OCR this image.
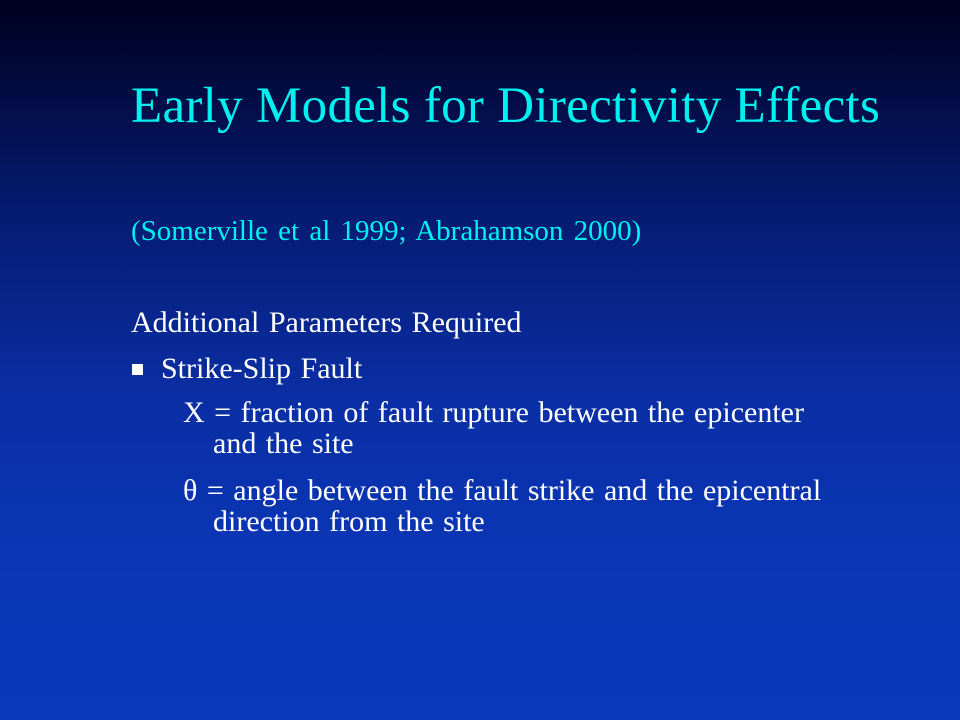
Early Models for Directivity Effects
(Somerville et al 1999; Abrahamson 2000)
Additional Parameters Required
Strike-Slip Fault
X = fraction of fault rupture between the epicenter and the site
θ = angle between the fault strike and the epicentral direction from the site
